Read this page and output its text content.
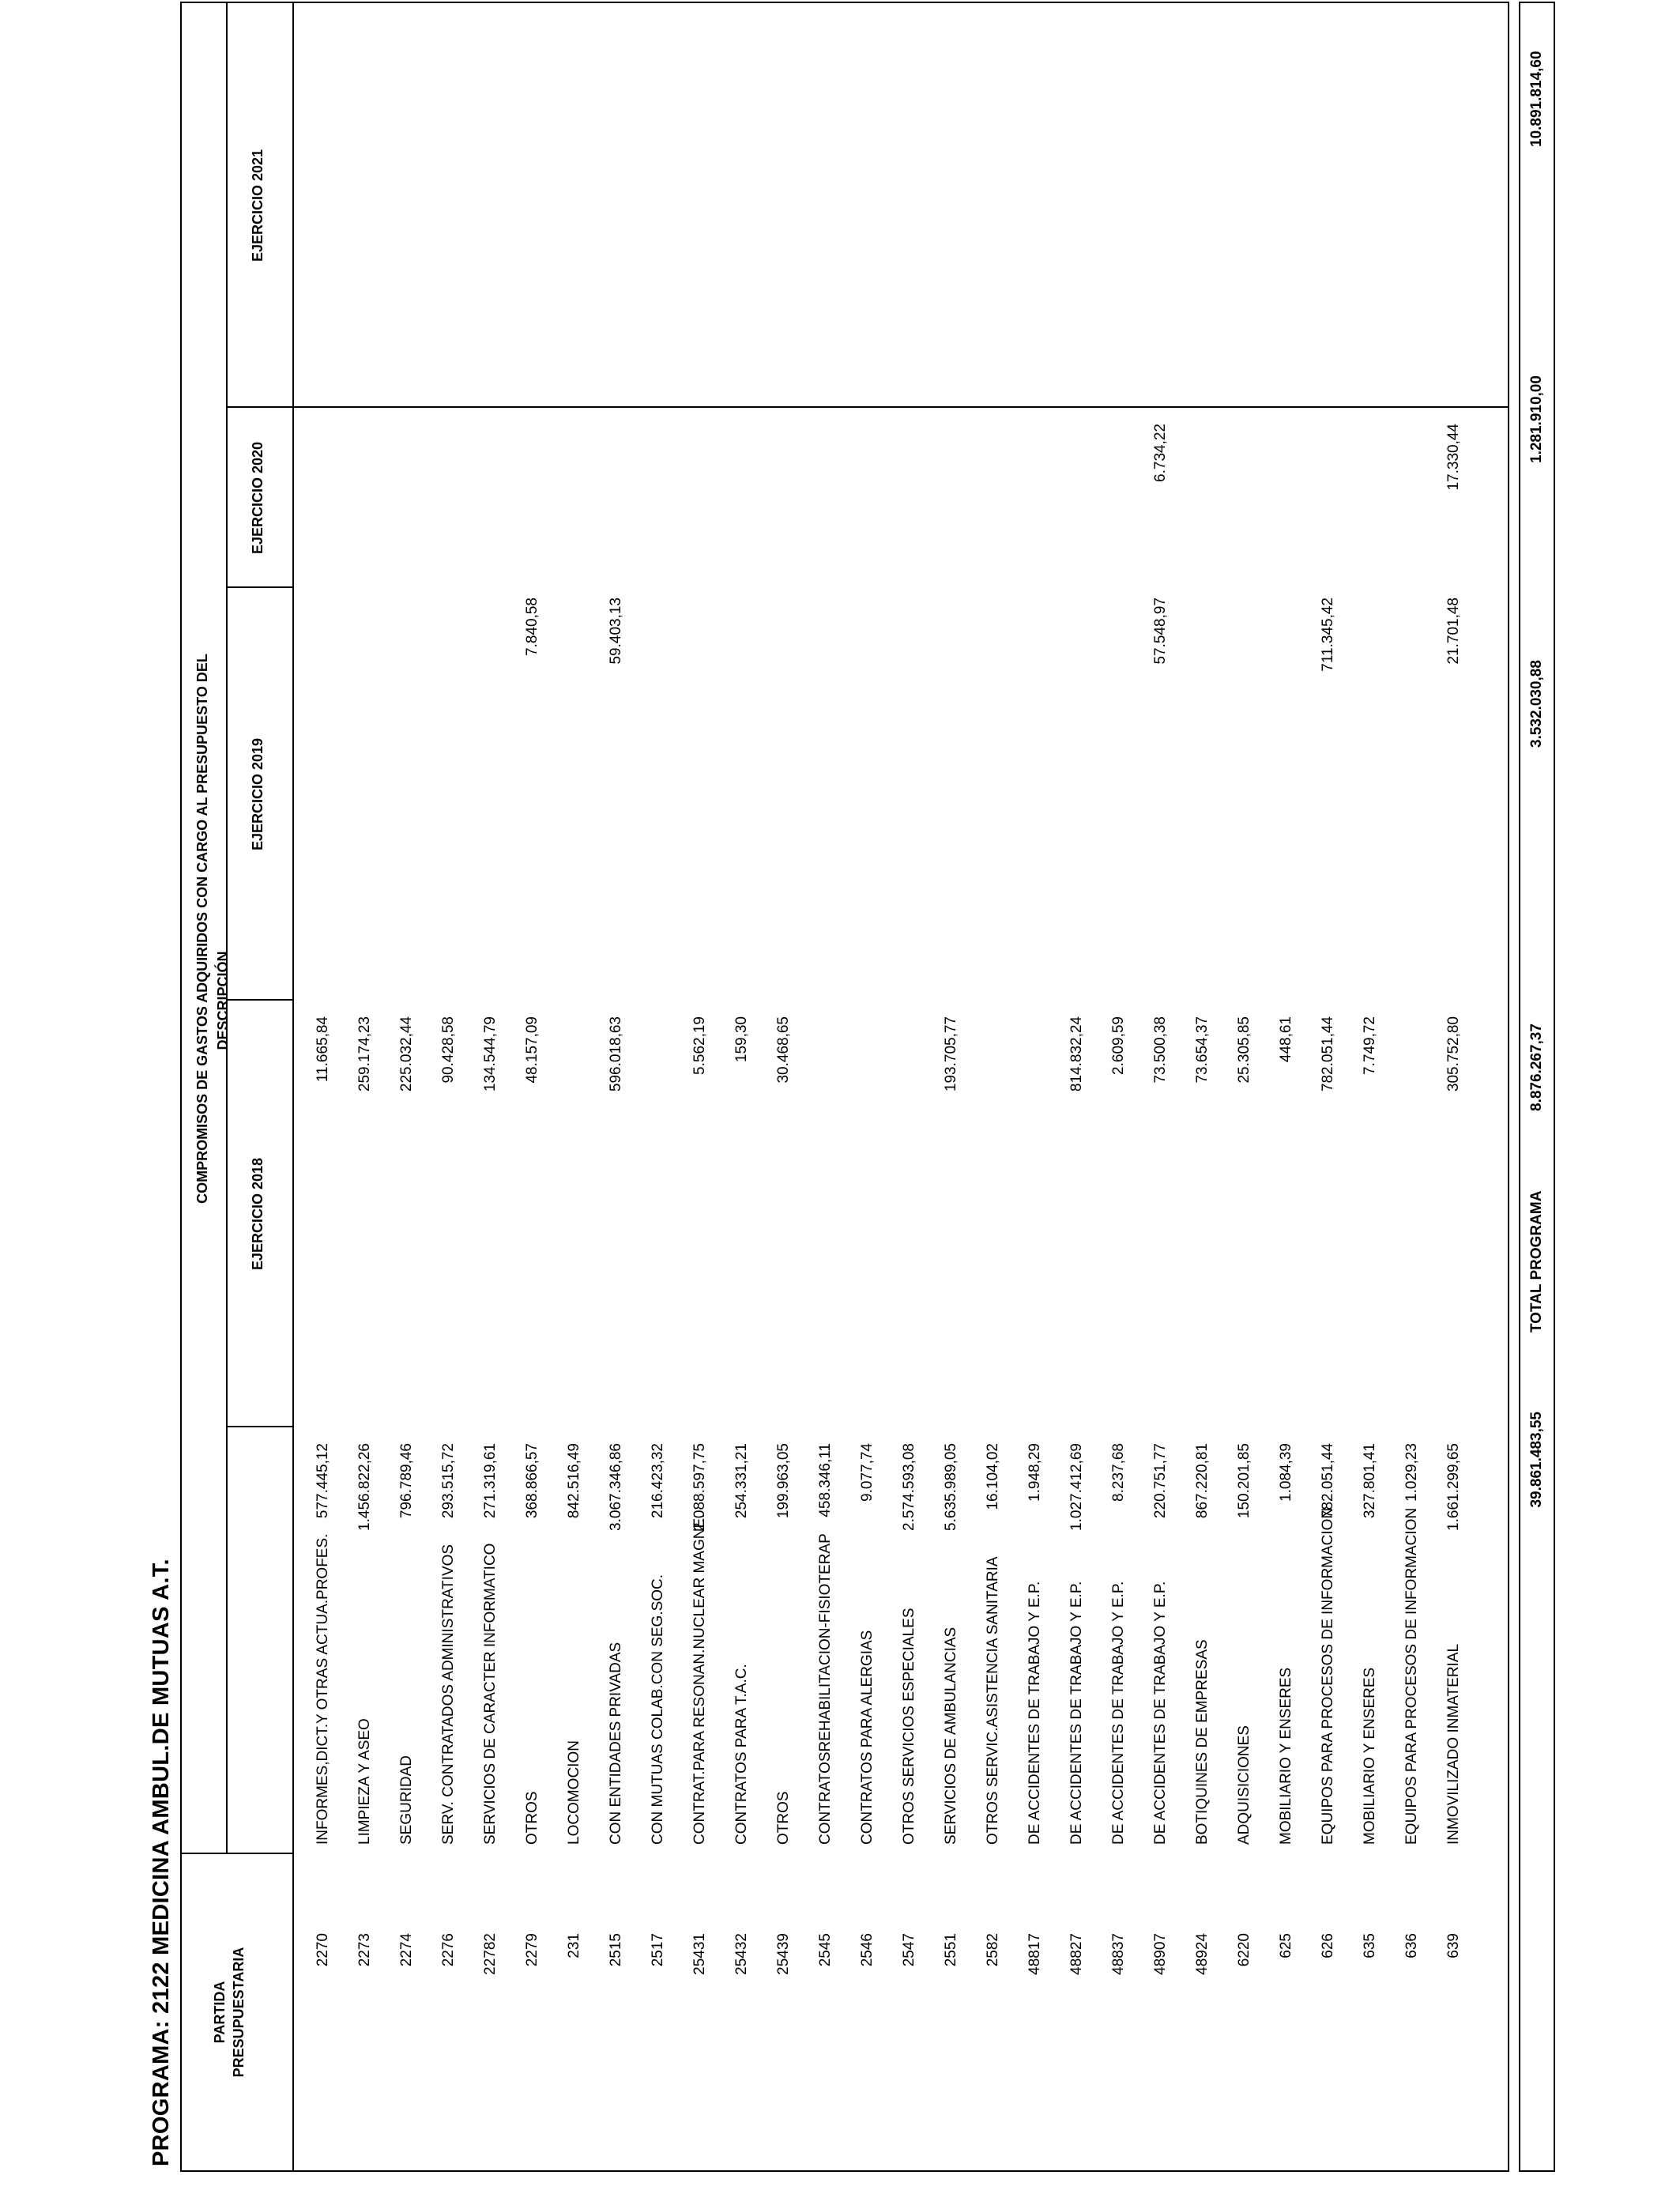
PROGRAMA: 2122 MEDICINA AMBUL.DE MUTUAS A.T.	PARTIDA PRESUPUESTARIA
DESCRIPCIÓN
COMPROMISOS DE GASTOS ADQUIRIDOS CON CARGO AL PRESUPUESTO DEL
EJERCICIO 2018
EJERCICIO 2019
EJERCICIO 2020
EJERCICIO 2021
2270
INFORMES,DICT.Y OTRAS ACTUA.PROFES.
577.445,12
11.665,84
2273
LIMPIEZA Y ASEO
1.456.822,26
259.174,23
2274
SEGURIDAD
796.789,46
225.032,44
2276
SERV. CONTRATADOS ADMINISTRATIVOS
293.515,72
90.428,58
22782
SERVICIOS DE CARACTER INFORMATICO
271.319,61
134.544,79
2279
OTROS
368.866,57
48.157,09
7.840,58
231
LOCOMOCION
842.516,49
2515
CON ENTIDADES PRIVADAS
3.067.346,86
596.018,63
59.403,13
2517
CON MUTUAS COLAB.CON SEG.SOC.
216.423,32
25431
CONTRAT.PARA RESONAN.NUCLEAR MAGNE.
2.088.597,75
5.562,19
25432
CONTRATOS PARA T.A.C.
254.331,21
159,30
25439
OTROS
199.963,05
30.468,65
2545
CONTRATOSREHABILITACION-FISIOTERAP
458.346,11
2546
CONTRATOS PARA ALERGIAS
9.077,74
2547
OTROS SERVICIOS ESPECIALES
2.574.593,08
2551
SERVICIOS DE AMBULANCIAS
5.635.989,05
193.705,77
2582
OTROS SERVIC.ASISTENCIA SANITARIA
16.104,02
48817
DE ACCIDENTES DE TRABAJO Y E.P.
1.948,29
48827
DE ACCIDENTES DE TRABAJO Y E.P.
1.027.412,69
814.832,24
48837
DE ACCIDENTES DE TRABAJO Y E.P.
8.237,68
2.609,59
48907
DE ACCIDENTES DE TRABAJO Y E.P.
220.751,77
73.500,38
57.548,97
6.734,22
48924
BOTIQUINES DE EMPRESAS
867.220,81
73.654,37
6220
ADQUISICIONES
150.201,85
25.305,85
625
MOBILIARIO Y ENSERES
1.084,39
448,61
626
EQUIPOS PARA PROCESOS DE INFORMACION
782.051,44
782.051,44
711.345,42
635
MOBILIARIO Y ENSERES
327.801,41
7.749,72
636
EQUIPOS PARA PROCESOS DE INFORMACION
1.029,23
639
INMOVILIZADO INMATERIAL
1.661.299,65
305.752,80
21.701,48
17.330,44
TOTAL PROGRAMA
39.861.483,55
8.876.267,37
3.532.030,88
1.281.910,00
10.891.814,60
